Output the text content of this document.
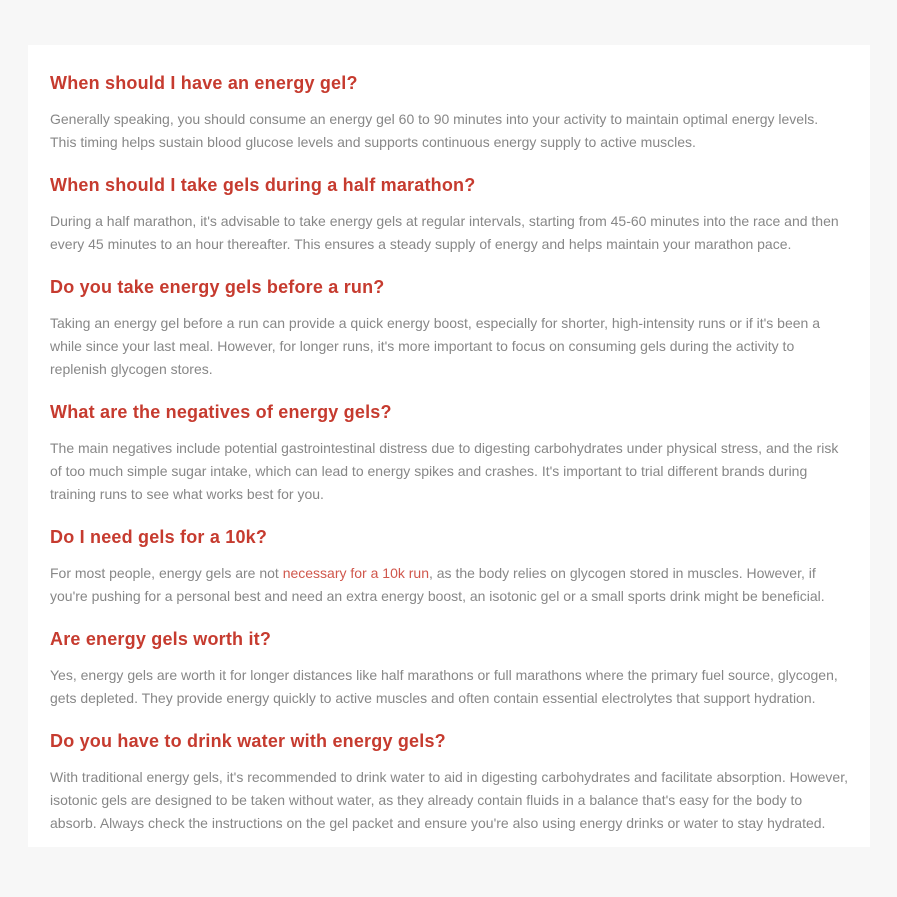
When should I have an energy gel?

Generally speaking, you should consume an energy gel 60 to 90 minutes into your activity to maintain optimal energy levels. This timing helps sustain blood glucose levels and supports continuous energy supply to active muscles.

When should I take gels during a half marathon?

During a half marathon, it's advisable to take energy gels at regular intervals, starting from 45-60 minutes into the race and then every 45 minutes to an hour thereafter. This ensures a steady supply of energy and helps maintain your marathon pace.

Do you take energy gels before a run?

Taking an energy gel before a run can provide a quick energy boost, especially for shorter, high-intensity runs or if it's been a while since your last meal. However, for longer runs, it's more important to focus on consuming gels during the activity to replenish glycogen stores.

What are the negatives of energy gels?

The main negatives include potential gastrointestinal distress due to digesting carbohydrates under physical stress, and the risk of too much simple sugar intake, which can lead to energy spikes and crashes. It's important to trial different brands during training runs to see what works best for you.

Do I need gels for a 10k?

For most people, energy gels are not necessary for a 10k run, as the body relies on glycogen stored in muscles. However, if you're pushing for a personal best and need an extra energy boost, an isotonic gel or a small sports drink might be beneficial.

Are energy gels worth it?

Yes, energy gels are worth it for longer distances like half marathons or full marathons where the primary fuel source, glycogen, gets depleted. They provide energy quickly to active muscles and often contain essential electrolytes that support hydration.

Do you have to drink water with energy gels?

With traditional energy gels, it's recommended to drink water to aid in digesting carbohydrates and facilitate absorption. However, isotonic gels are designed to be taken without water, as they already contain fluids in a balance that's easy for the body to absorb. Always check the instructions on the gel packet and ensure you're also using energy drinks or water to stay hydrated.
